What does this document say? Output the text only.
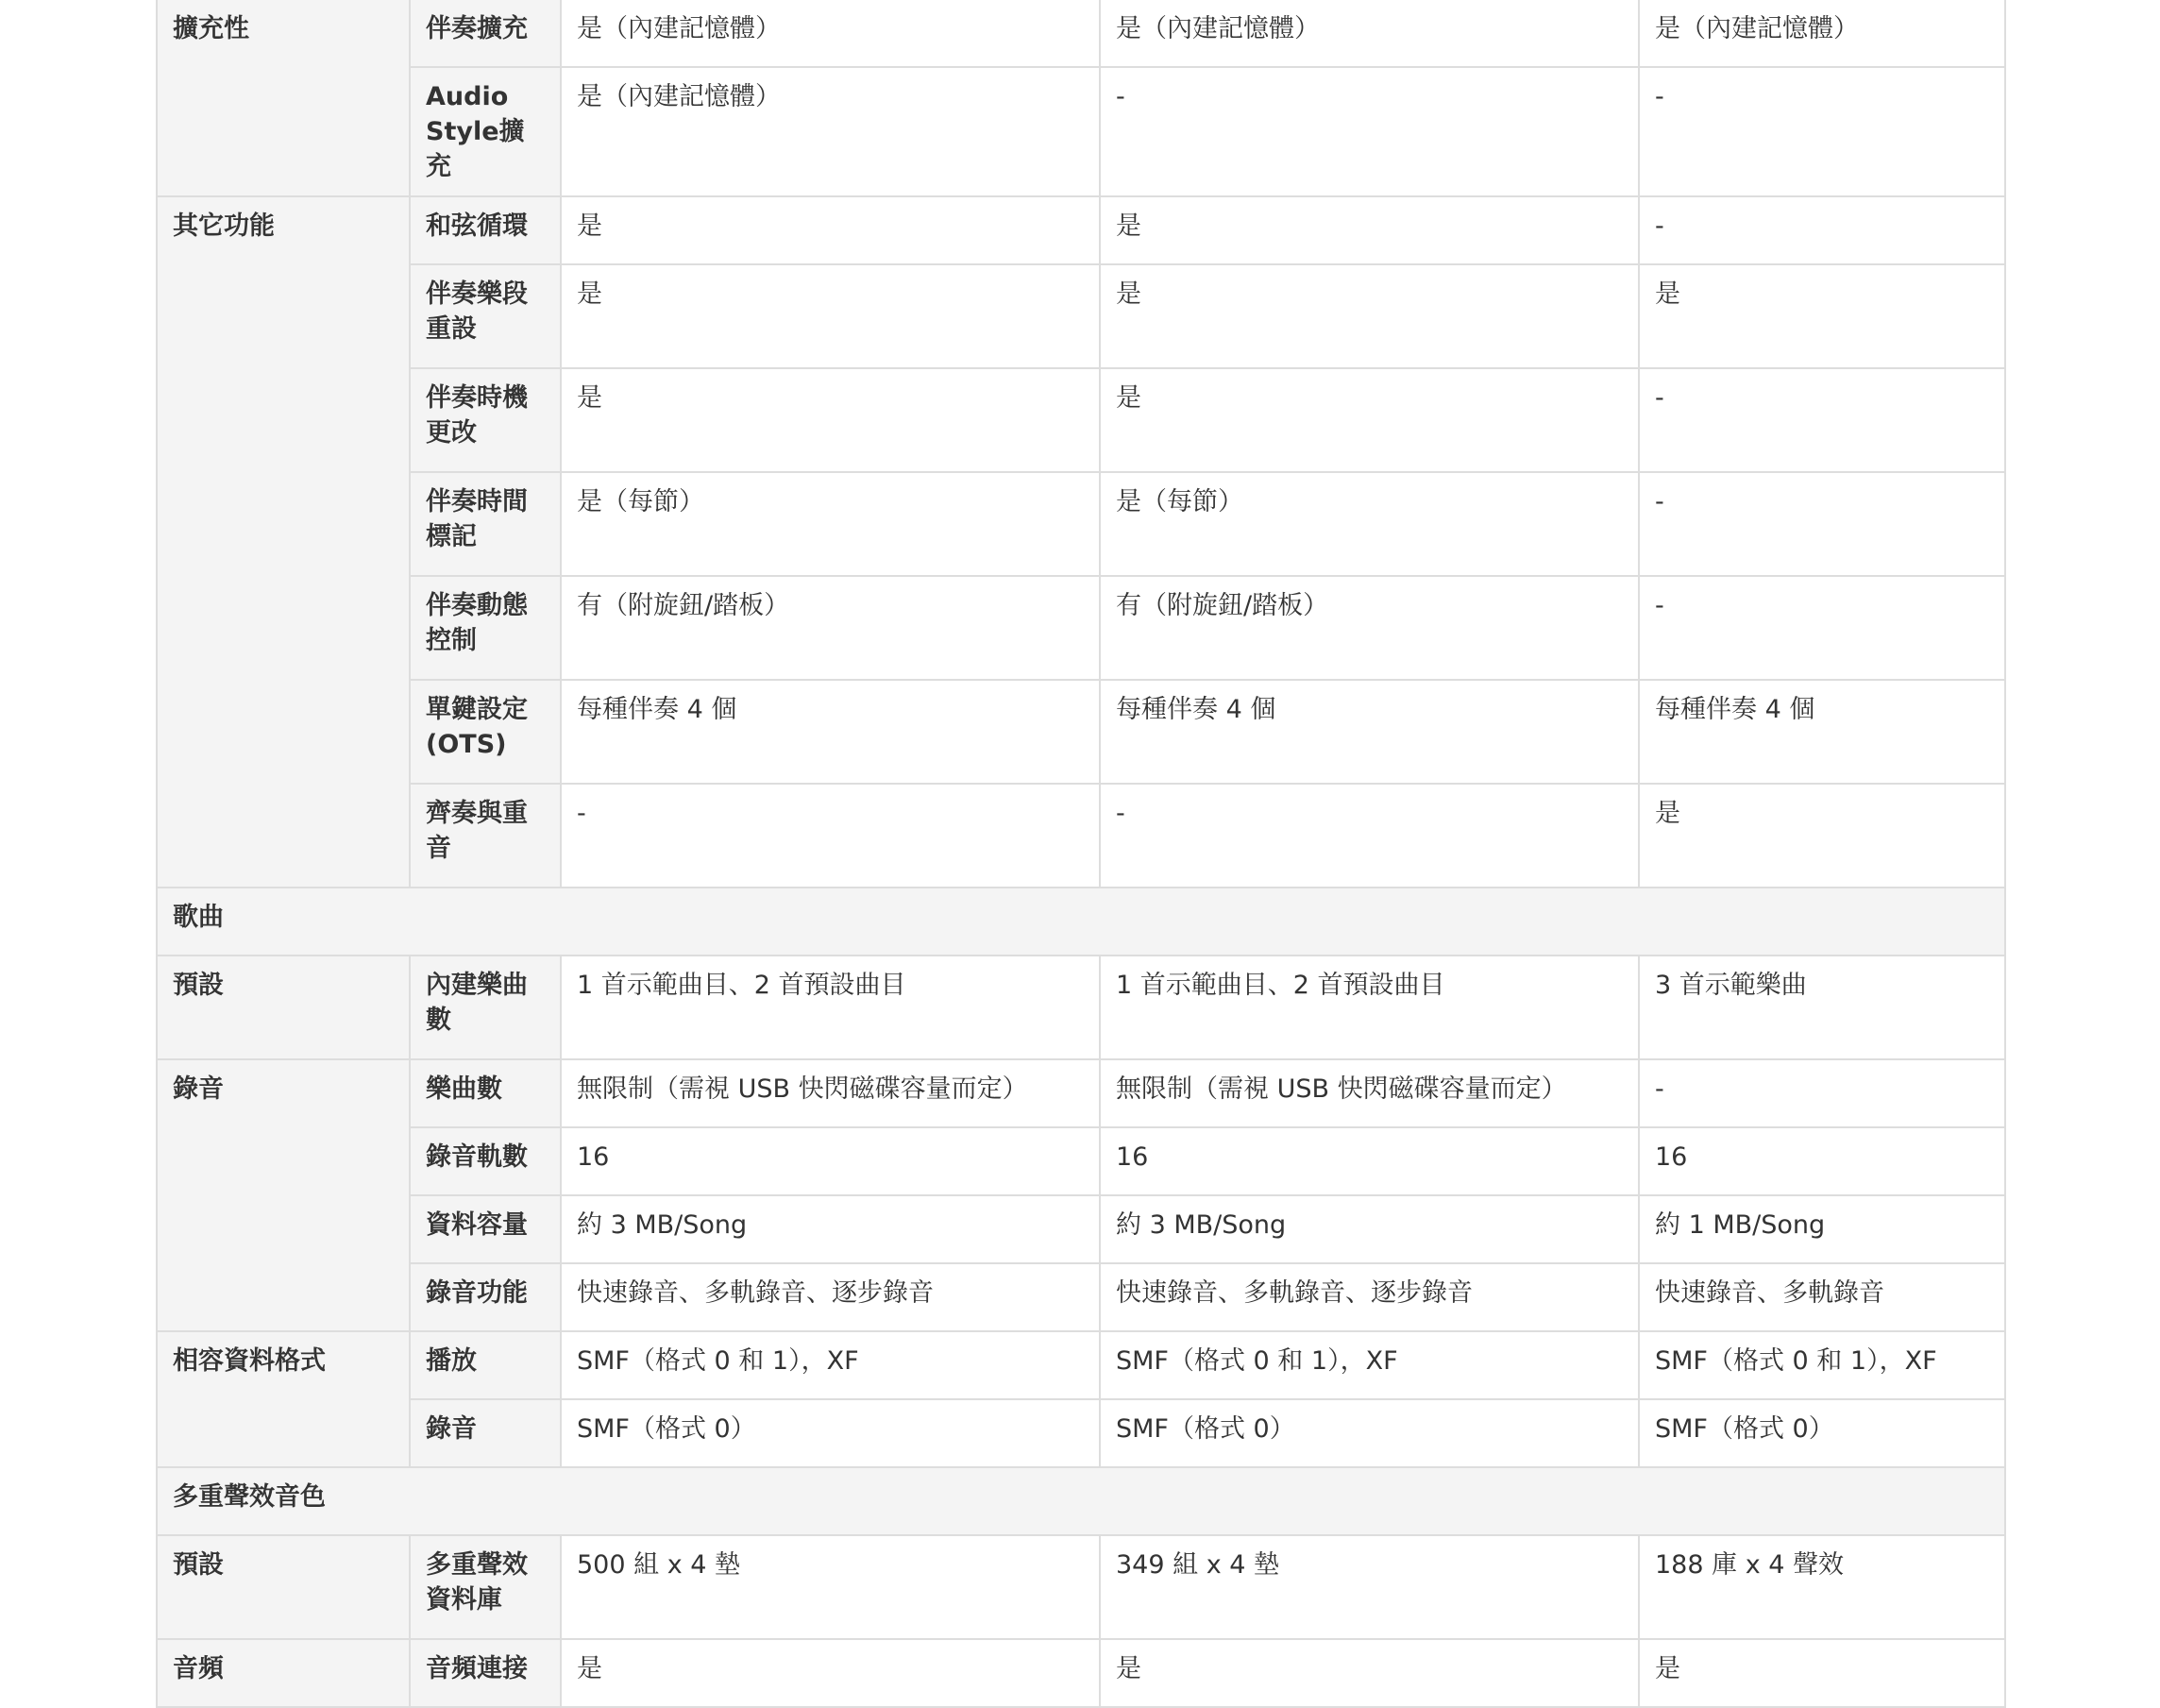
擴充性	伴奏擴充	是（內建記憶體）	是（內建記憶體）	是（內建記憶體）
	Audio Style擴充	是（內建記憶體）	-	-
其它功能	和弦循環	是	是	-
	伴奏樂段重設	是	是	是
	伴奏時機更改	是	是	-
	伴奏時間標記	是（每節）	是（每節）	-
	伴奏動態控制	有（附旋鈕/踏板）	有（附旋鈕/踏板）	-
	單鍵設定 (OTS)	每種伴奏 4 個	每種伴奏 4 個	每種伴奏 4 個
	齊奏與重音	-	-	是
歌曲				
預設	內建樂曲數	1 首示範曲目、2 首預設曲目	1 首示範曲目、2 首預設曲目	3 首示範樂曲
錄音	樂曲數	無限制（需視 USB 快閃磁碟容量而定）	無限制（需視 USB 快閃磁碟容量而定）	-
	錄音軌數	16	16	16
	資料容量	約 3 MB/Song	約 3 MB/Song	約 1 MB/Song
	錄音功能	快速錄音、多軌錄音、逐步錄音	快速錄音、多軌錄音、逐步錄音	快速錄音、多軌錄音
相容資料格式	播放	SMF（格式 0 和 1），XF	SMF（格式 0 和 1），XF	SMF（格式 0 和 1），XF
	錄音	SMF（格式 0）	SMF（格式 0）	SMF（格式 0）
多重聲效音色				
預設	多重聲效資料庫	500 組 x 4 墊	349 組 x 4 墊	188 庫 x 4 聲效
音頻	音頻連接	是	是	是
